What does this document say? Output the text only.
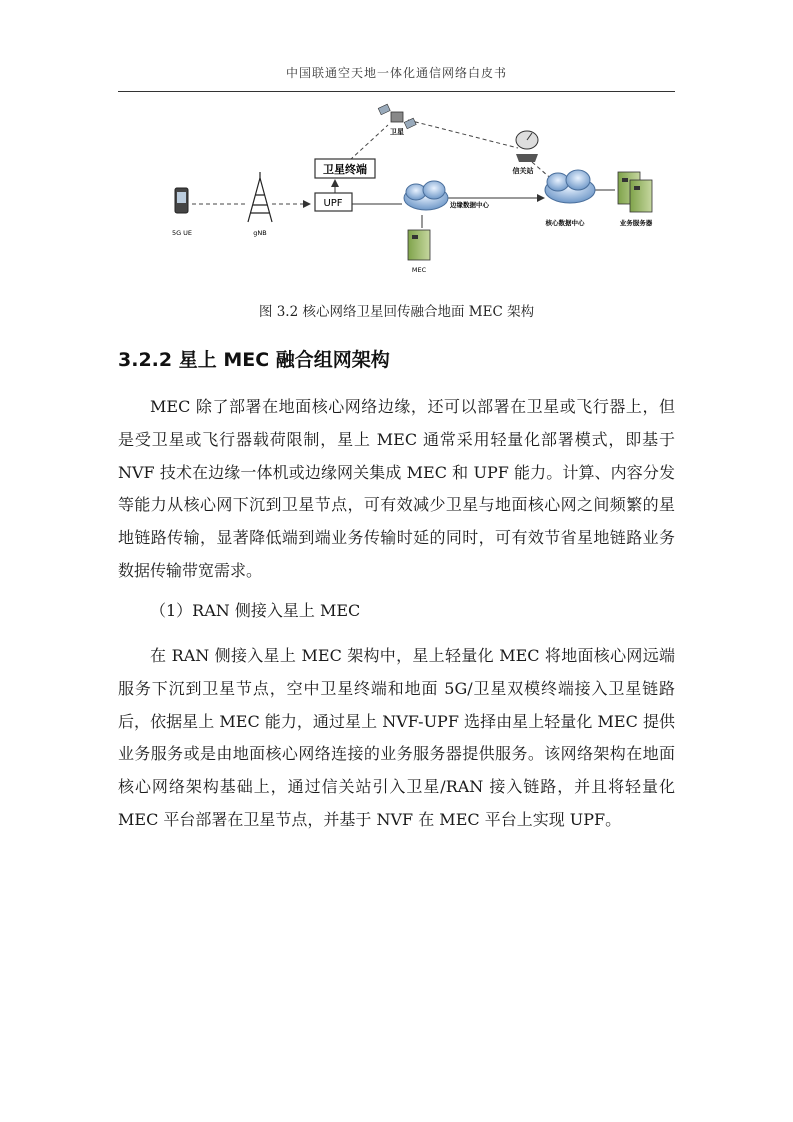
中国联通空天地一体化通信网络白皮书
卫星
卫星终端	信关站
5G UE	gNB
UPF	边缘数据中心
MEC
核心数据中心	业务服务器
图 3.2 核心网络卫星回传融合地面 MEC 架构
3.2.2 星上 MEC 融合组网架构

MEC 除了部署在地面核心网络边缘，还可以部署在卫星或飞行器上，但是受卫星或飞行器载荷限制，星上 MEC 通常采用轻量化部署模式，即基于 NVF 技术在边缘一体机或边缘网关集成 MEC 和 UPF 能力。计算、内容分发等能力从核心网下沉到卫星节点，可有效减少卫星与地面核心网之间频繁的星地链路传输，显著降低端到端业务传输时延的同时，可有效节省星地链路业务数据传输带宽需求。

（1）RAN 侧接入星上 MEC

在 RAN 侧接入星上 MEC 架构中，星上轻量化 MEC 将地面核心网远端服务下沉到卫星节点，空中卫星终端和地面 5G/卫星双模终端接入卫星链路后，依据星上 MEC 能力，通过星上 NVF-UPF 选择由星上轻量化 MEC 提供业务服务或是由地面核心网络连接的业务服务器提供服务。该网络架构在地面核心网络架构基础上，通过信关站引入卫星/RAN 接入链路，并且将轻量化 MEC 平台部署在卫星节点，并基于 NVF 在 MEC 平台上实现 UPF。
